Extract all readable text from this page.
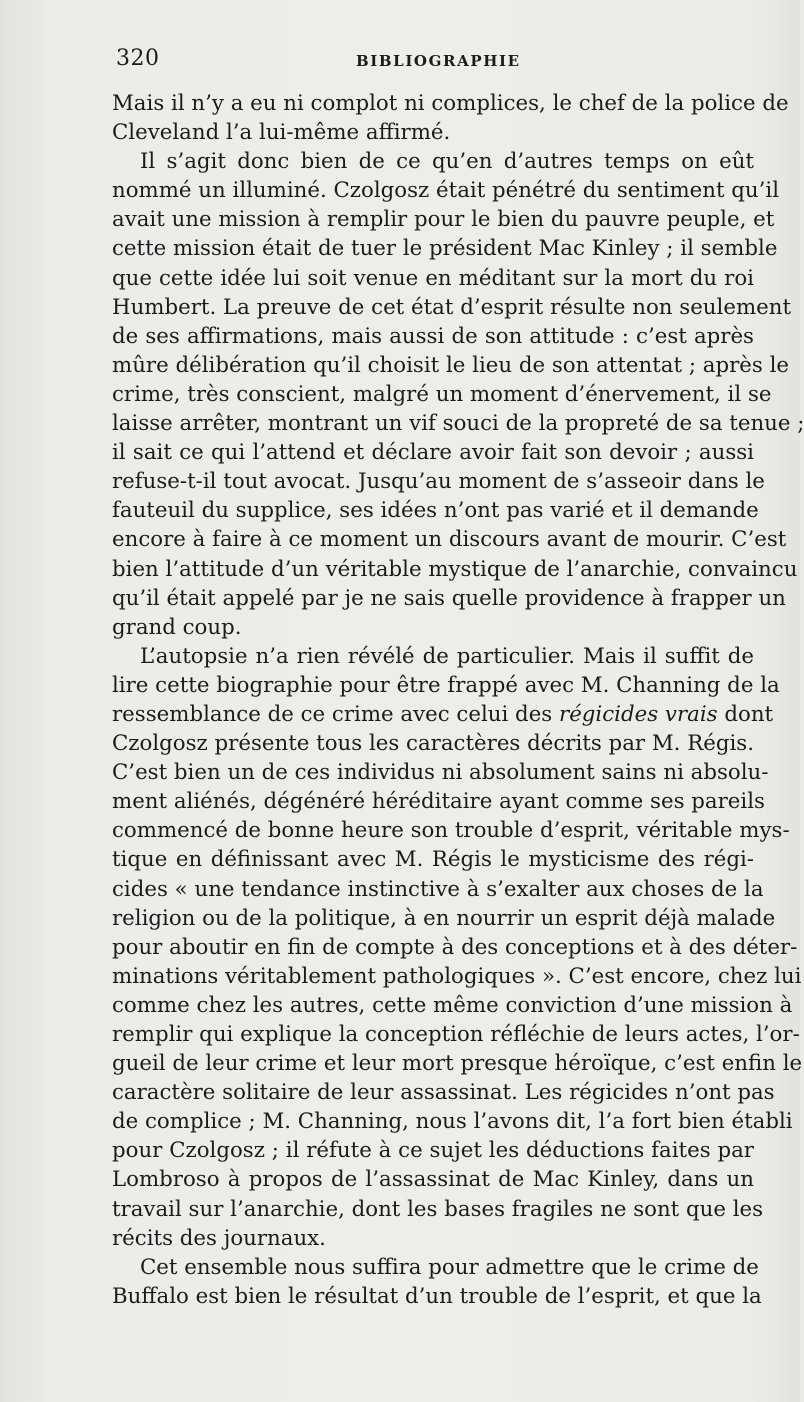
320	BIBLIOGRAPHIE
Mais il n’y a eu ni complot ni complices, le chef de la police de
Cleveland l’a lui-même affirmé.
Il s’agit donc bien de ce qu’en d’autres temps on eût
nommé un illuminé. Czolgosz était pénétré du sentiment qu’il
avait une mission à remplir pour le bien du pauvre peuple, et
cette mission était de tuer le président Mac Kinley ; il semble
que cette idée lui soit venue en méditant sur la mort du roi
Humbert. La preuve de cet état d’esprit résulte non seulement
de ses affirmations, mais aussi de son attitude : c’est après
mûre délibération qu’il choisit le lieu de son attentat ; après le
crime, très conscient, malgré un moment d’énervement, il se
laisse arrêter, montrant un vif souci de la propreté de sa tenue ;
il sait ce qui l’attend et déclare avoir fait son devoir ; aussi
refuse-t-il tout avocat. Jusqu’au moment de s’asseoir dans le
fauteuil du supplice, ses idées n’ont pas varié et il demande
encore à faire à ce moment un discours avant de mourir. C’est
bien l’attitude d’un véritable mystique de l’anarchie, convaincu
qu’il était appelé par je ne sais quelle providence à frapper un
grand coup.
L’autopsie n’a rien révélé de particulier. Mais il suffit de
lire cette biographie pour être frappé avec M. Channing de la
ressemblance de ce crime avec celui des régicides vrais dont
Czolgosz présente tous les caractères décrits par M. Régis.
C’est bien un de ces individus ni absolument sains ni absolu-
ment aliénés, dégénéré héréditaire ayant comme ses pareils
commencé de bonne heure son trouble d’esprit, véritable mys-
tique en définissant avec M. Régis le mysticisme des régi-
cides « une tendance instinctive à s’exalter aux choses de la
religion ou de la politique, à en nourrir un esprit déjà malade
pour aboutir en fin de compte à des conceptions et à des déter-
minations véritablement pathologiques ». C’est encore, chez lui
comme chez les autres, cette même conviction d’une mission à
remplir qui explique la conception réfléchie de leurs actes, l’or-
gueil de leur crime et leur mort presque héroïque, c’est enfin le
caractère solitaire de leur assassinat. Les régicides n’ont pas
de complice ; M. Channing, nous l’avons dit, l’a fort bien établi
pour Czolgosz ; il réfute à ce sujet les déductions faites par
Lombroso à propos de l’assassinat de Mac Kinley, dans un
travail sur l’anarchie, dont les bases fragiles ne sont que les
récits des journaux.
Cet ensemble nous suffira pour admettre que le crime de
Buffalo est bien le résultat d’un trouble de l’esprit, et que la
